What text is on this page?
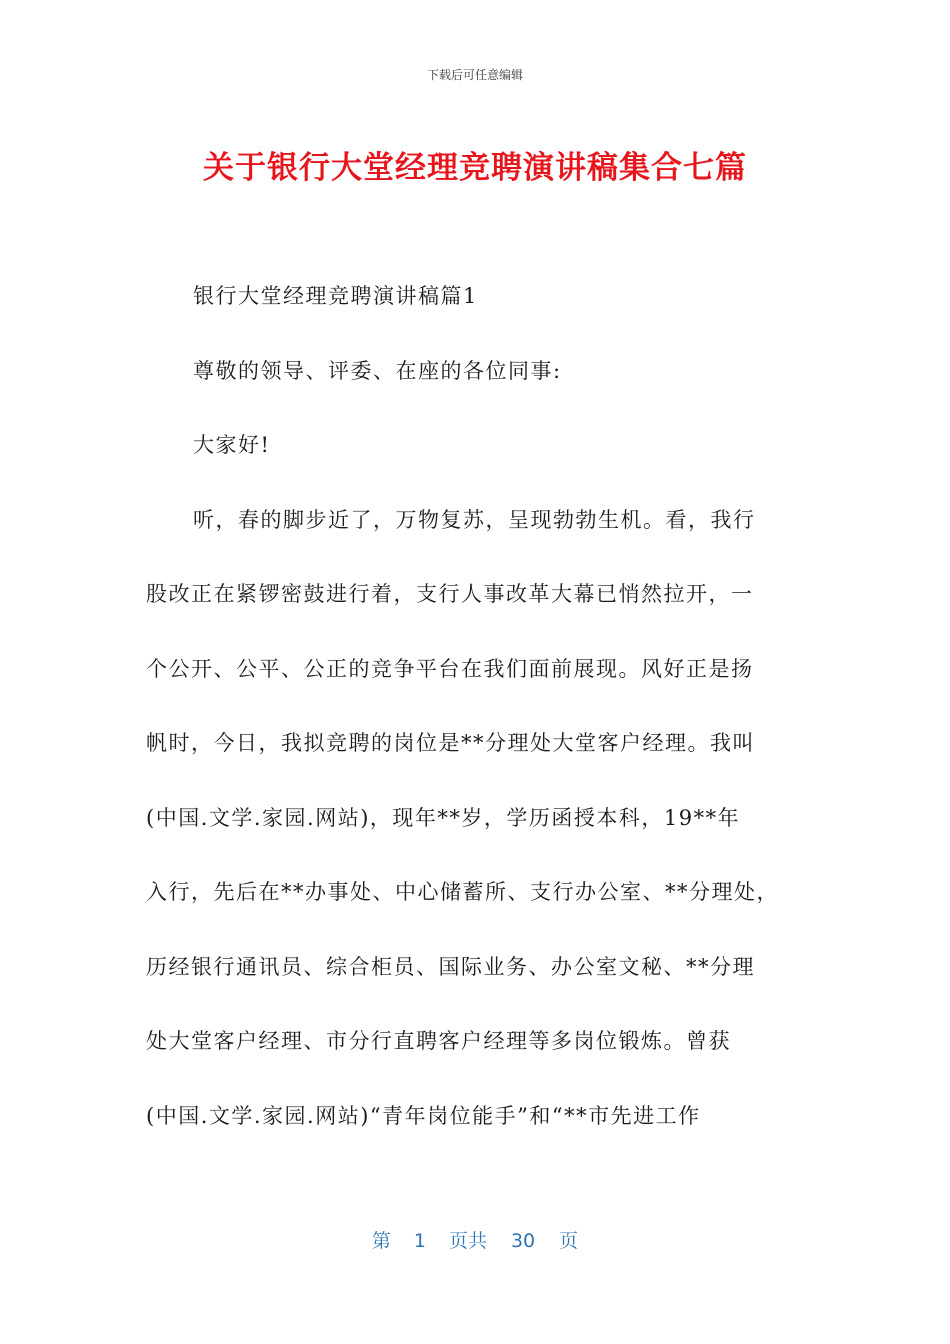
下载后可任意编辑
关于银行大堂经理竞聘演讲稿集合七篇
银行大堂经理竞聘演讲稿篇1
尊敬的领导、评委、在座的各位同事:
大家好!
听，春的脚步近了，万物复苏，呈现勃勃生机。看，我行
股改正在紧锣密鼓进行着，支行人事改革大幕已悄然拉开，一
个公开、公平、公正的竞争平台在我们面前展现。风好正是扬
帆时，今日，我拟竞聘的岗位是**分理处大堂客户经理。我叫
(中国.文学.家园.网站)，现年**岁，学历函授本科，19**年
入行，先后在**办事处、中心储蓄所、支行办公室、**分理处，
历经银行通讯员、综合柜员、国际业务、办公室文秘、**分理
处大堂客户经理、市分行直聘客户经理等多岗位锻炼。曾获
(中国.文学.家园.网站)“青年岗位能手”和“**市先进工作
第 1 页共 30 页
